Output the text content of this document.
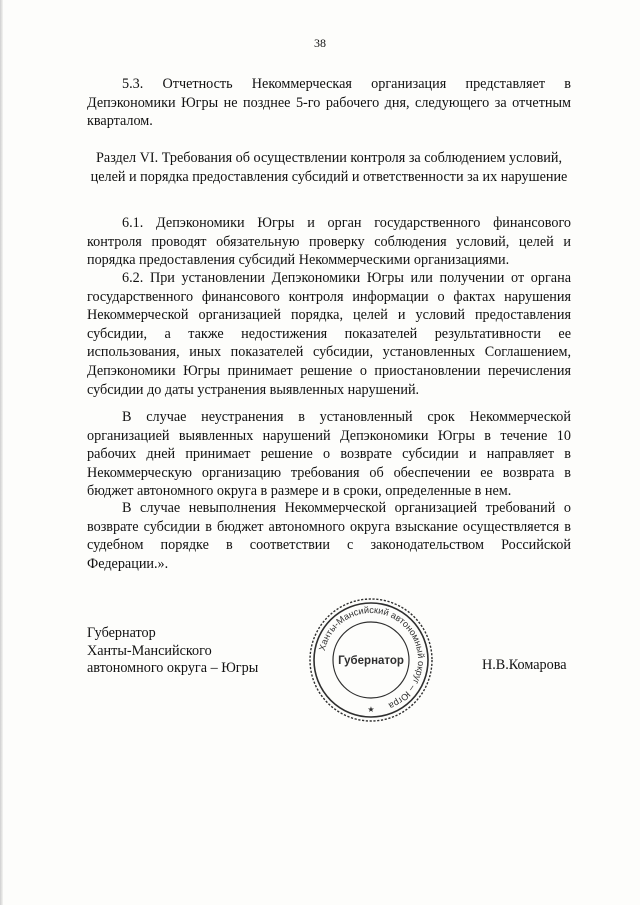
38

5.3. Отчетность Некоммерческая организация представляет в Депэкономики Югры не позднее 5-го рабочего дня, следующего за отчетным кварталом.

Раздел VI. Требования об осуществлении контроля за соблюдением условий, целей и порядка предоставления субсидий и ответственности за их нарушение

6.1. Депэкономики Югры и орган государственного финансового контроля проводят обязательную проверку соблюдения условий, целей и порядка предоставления субсидий Некоммерческими организациями.

6.2. При установлении Депэкономики Югры или получении от органа государственного финансового контроля информации о фактах нарушения Некоммерческой организацией порядка, целей и условий предоставления субсидии, а также недостижения показателей результативности ее использования, иных показателей субсидии, установленных Соглашением, Депэкономики Югры принимает решение о приостановлении перечисления субсидии до даты устранения выявленных нарушений.

В случае неустранения в установленный срок Некоммерческой организацией выявленных нарушений Депэкономики Югры в течение 10 рабочих дней принимает решение о возврате субсидии и направляет в Некоммерческую организацию требования об обеспечении ее возврата в бюджет автономного округа в размере и в сроки, определенные в нем.

В случае невыполнения Некоммерческой организацией требований о возврате субсидии в бюджет автономного округа взыскание осуществляется в судебном порядке в соответствии с законодательством Российской Федерации.».

Губернатор
Ханты-Мансийского
автономного округа – Югры
Ханты-Мансийский автономный округ – Югра
Губернатор
★
Н.В.Комарова
